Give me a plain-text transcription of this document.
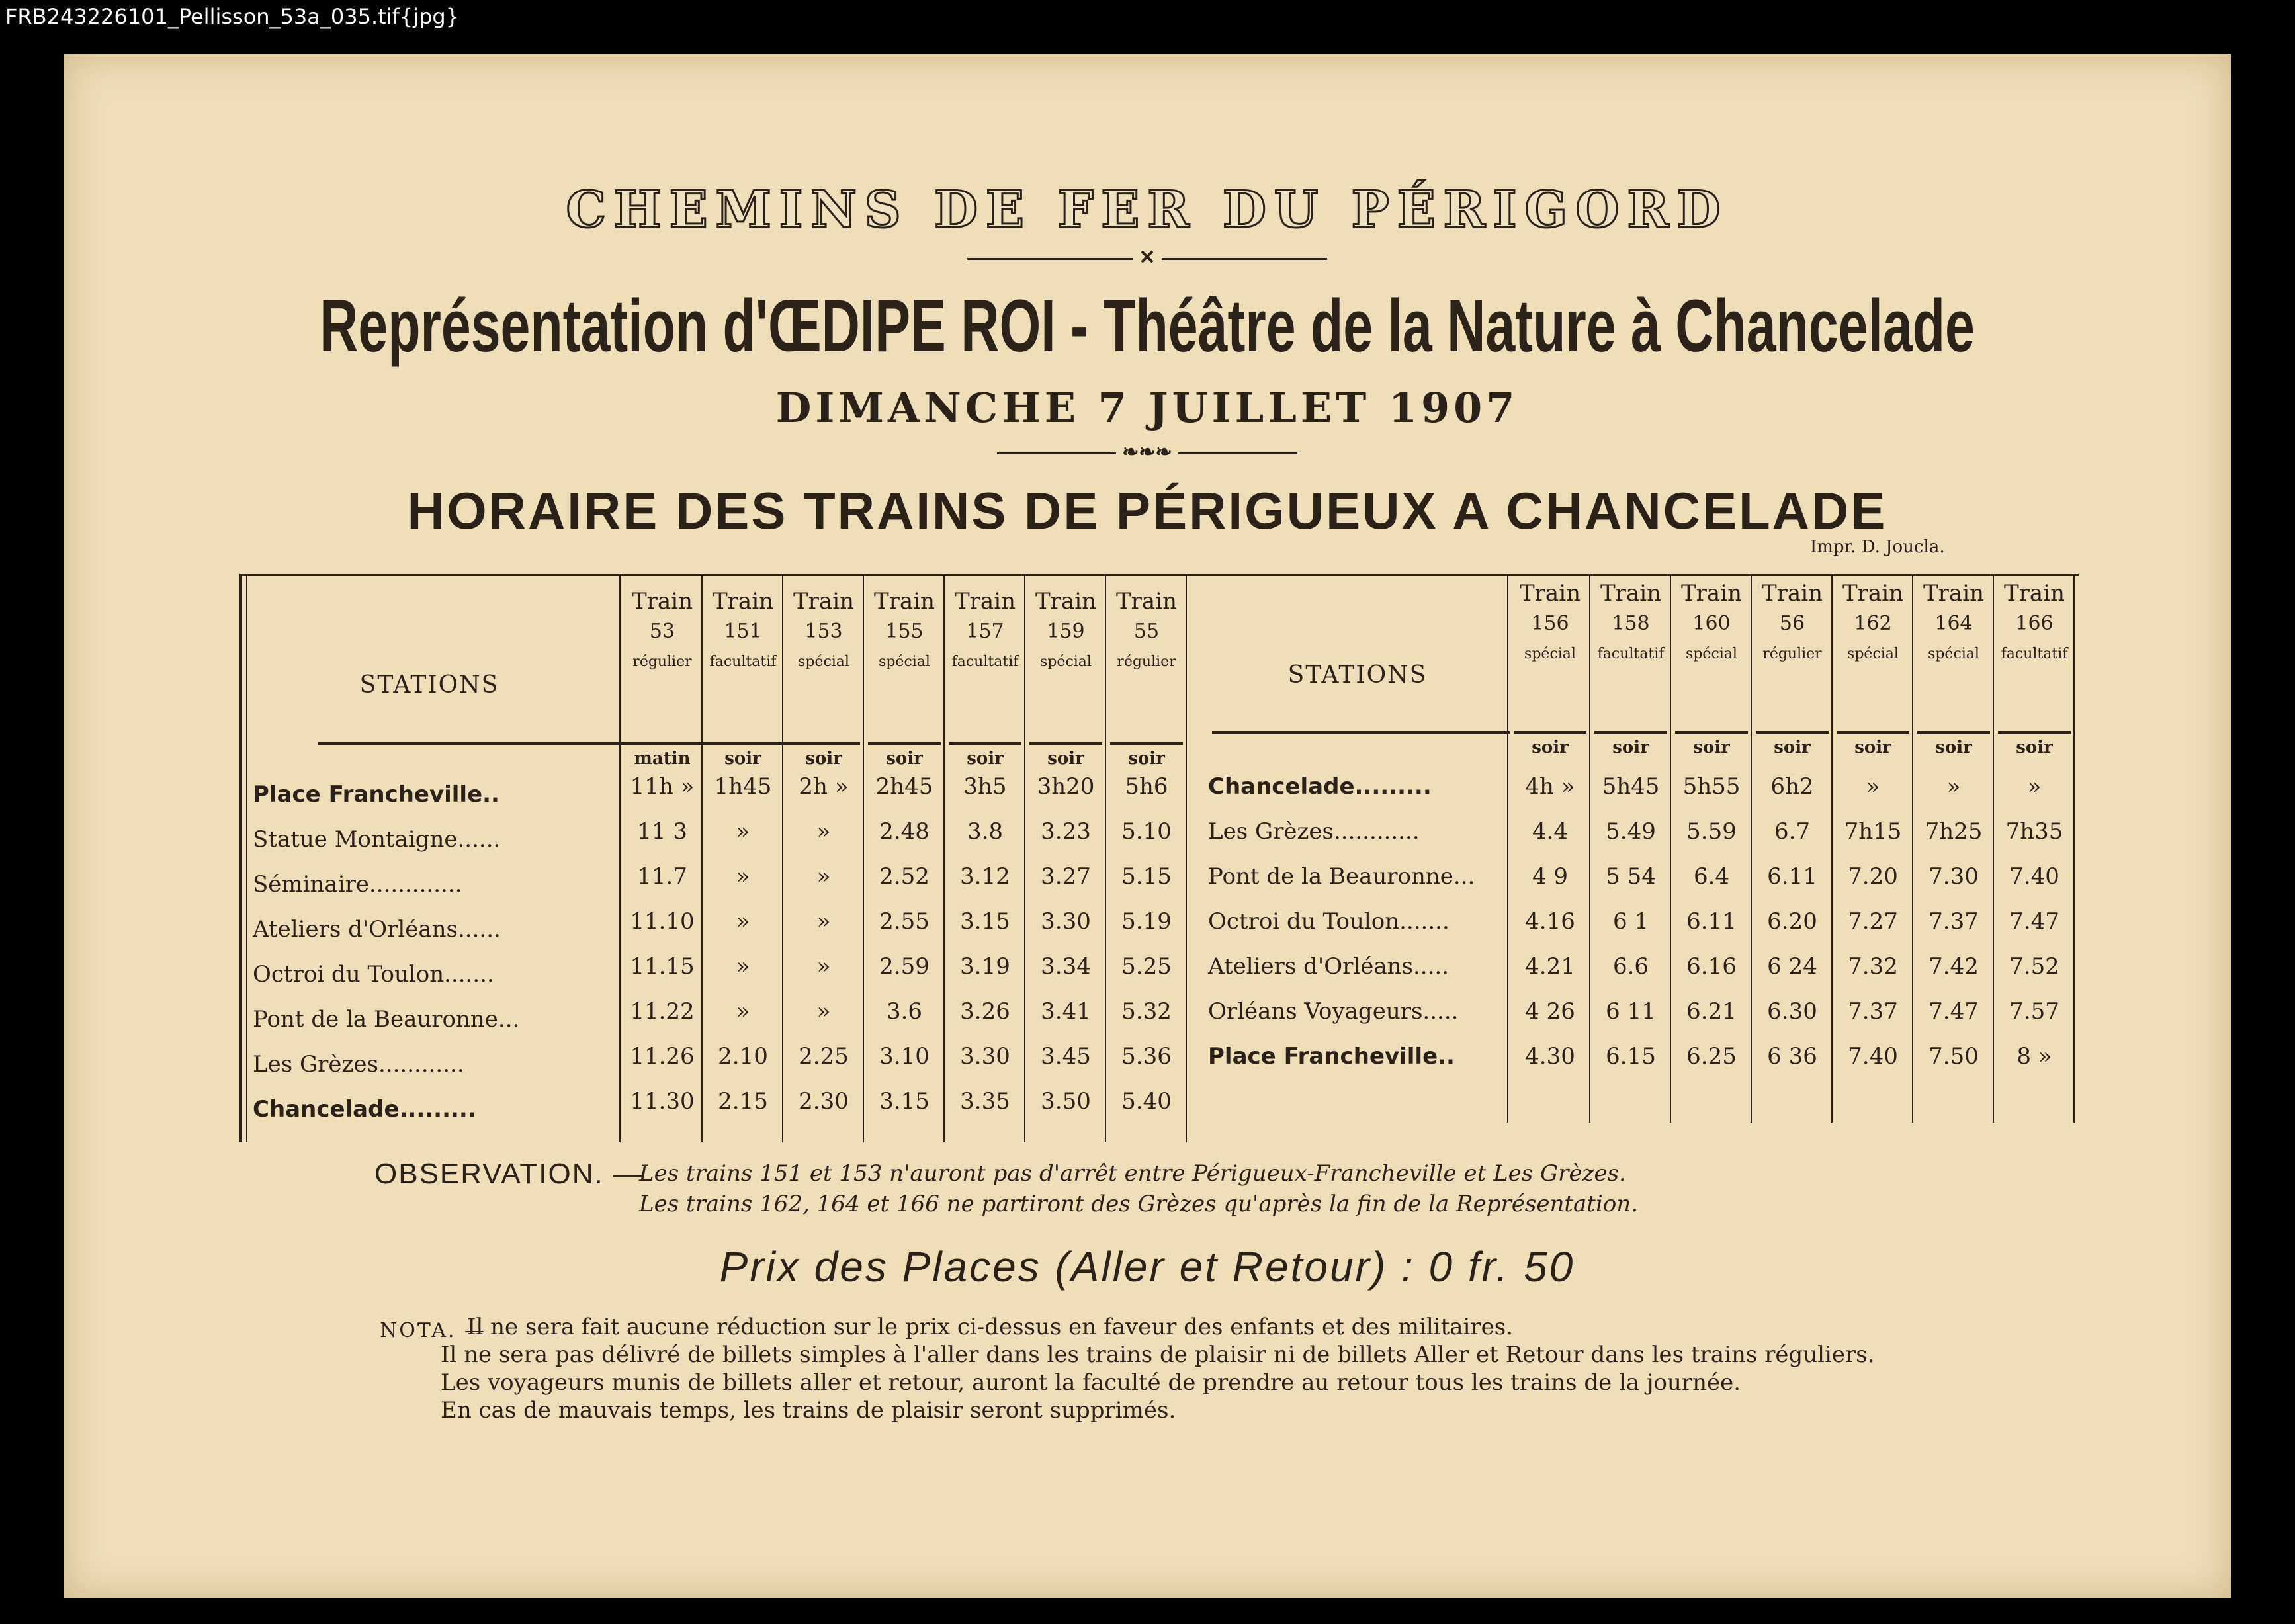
FRB243226101_Pellisson_53a_035.tif{jpg}
CHEMINS DE FER DU PÉRIGORD
✕
Représentation d'ŒDIPE ROI - Théâtre de la Nature à Chancelade
DIMANCHE 7 JUILLET 1907
❧❧❧
HORAIRE DES TRAINS DE PÉRIGUEUX A CHANCELADE
Impr. D. Joucla.
STATIONS
Train
53
régulier
matin
11h »
11 3
11.7
11.10
11.15
11.22
11.26
11.30
Train
151
facultatif
soir
1h45
»
»
»
»
»
2.10
2.15
Train
153
spécial
soir
2h »
»
»
»
»
»
2.25
2.30
Train
155
spécial
soir
2h45
2.48
2.52
2.55
2.59
3.6
3.10
3.15
Train
157
facultatif
soir
3h5
3.8
3.12
3.15
3.19
3.26
3.30
3.35
Train
159
spécial
soir
3h20
3.23
3.27
3.30
3.34
3.41
3.45
3.50
Train
55
régulier
soir
5h6
5.10
5.15
5.19
5.25
5.32
5.36
5.40
Place Francheville..
Statue Montaigne......
Séminaire.............
Ateliers d'Orléans......
Octroi du Toulon.......
Pont de la Beauronne...
Les Grèzes............
Chancelade.........
STATIONS
Train
156
spécial
soir
4h »
4.4
4 9
4.16
4.21
4 26
4.30
Train
158
facultatif
soir
5h45
5.49
5 54
6 1
6.6
6 11
6.15
Train
160
spécial
soir
5h55
5.59
6.4
6.11
6.16
6.21
6.25
Train
56
régulier
soir
6h2
6.7
6.11
6.20
6 24
6.30
6 36
Train
162
spécial
soir
»
7h15
7.20
7.27
7.32
7.37
7.40
Train
164
spécial
soir
»
7h25
7.30
7.37
7.42
7.47
7.50
Train
166
facultatif
soir
»
7h35
7.40
7.47
7.52
7.57
8 »
Chancelade.........
Les Grèzes............
Pont de la Beauronne...
Octroi du Toulon.......
Ateliers d'Orléans.....
Orléans Voyageurs.....
Place Francheville..
OBSERVATION. —
Les trains 151 et 153 n'auront pas d'arrêt entre Périgueux-Francheville et Les Grèzes.
Les trains 162, 164 et 166 ne partiront des Grèzes qu'après la fin de la Représentation.
Prix des Places (Aller et Retour) : 0 fr. 50
NOTA. —
Il ne sera fait aucune réduction sur le prix ci-dessus en faveur des enfants et des militaires.
Il ne sera pas délivré de billets simples à l'aller dans les trains de plaisir ni de billets Aller et Retour dans les trains réguliers.
Les voyageurs munis de billets aller et retour, auront la faculté de prendre au retour tous les trains de la journée.
En cas de mauvais temps, les trains de plaisir seront supprimés.
